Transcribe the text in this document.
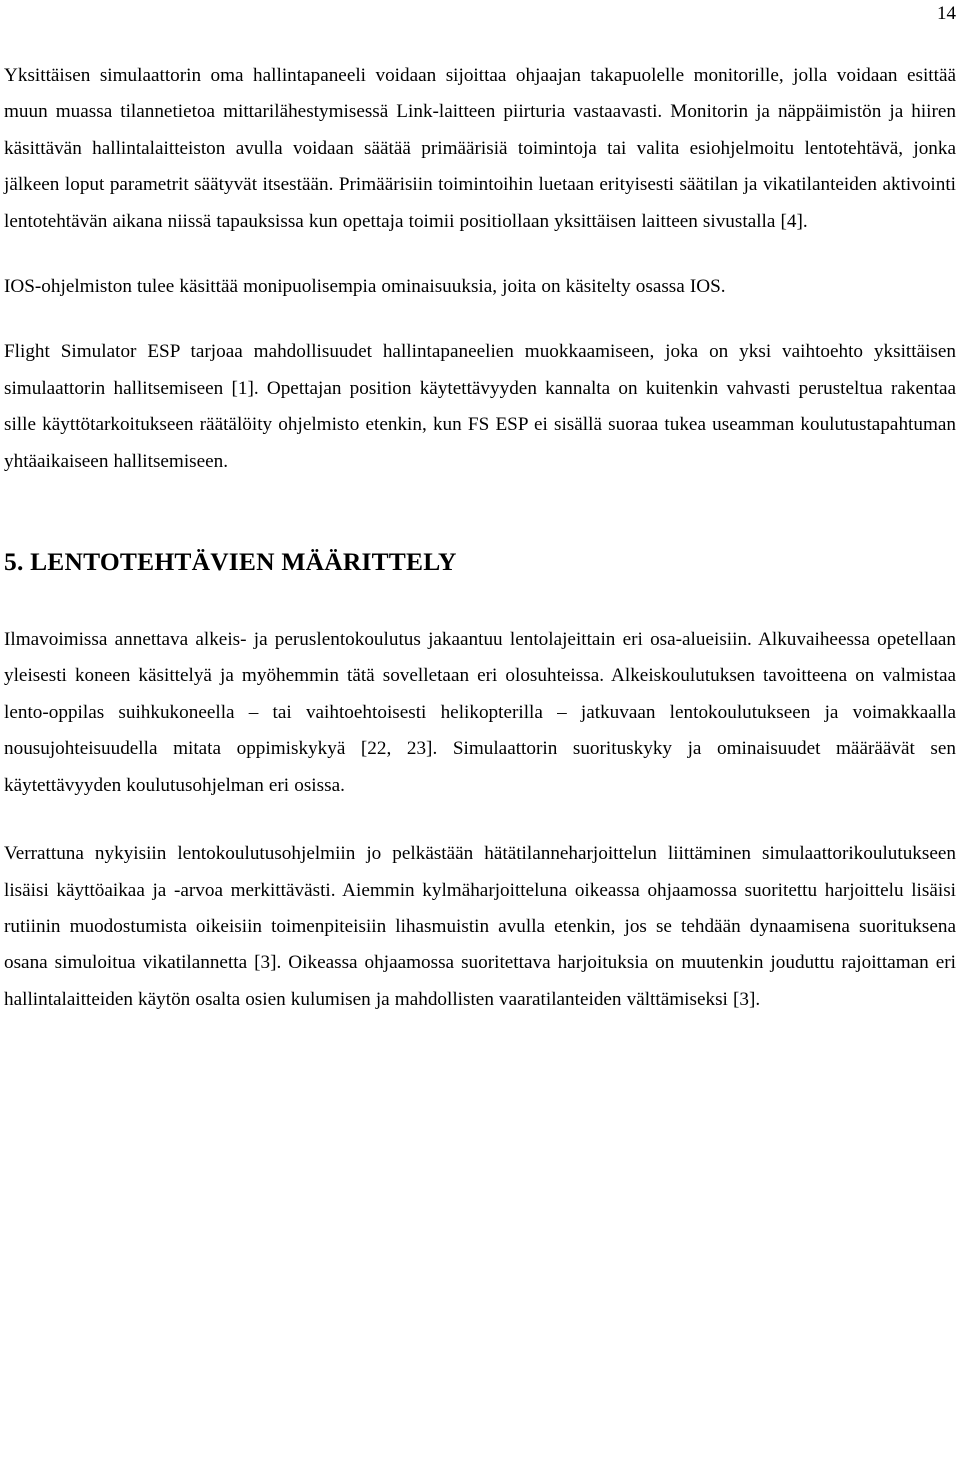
14

Yksittäisen simulaattorin oma hallintapaneeli voidaan sijoittaa ohjaajan takapuolelle monitorille, jolla voidaan esittää muun muassa tilannetietoa mittarilähestymisessä Link-laitteen piirturia vastaavasti. Monitorin ja näppäimistön ja hiiren käsittävän hallintalaitteiston avulla voidaan säätää primäärisiä toimintoja tai valita esiohjelmoitu lentotehtävä, jonka jälkeen loput parametrit säätyvät itsestään. Primäärisiin toimintoihin luetaan erityisesti säätilan ja vikatilanteiden aktivointi lentotehtävän aikana niissä tapauksissa kun opettaja toimii positiollaan yksittäisen laitteen sivustalla [4].

IOS-ohjelmiston tulee käsittää monipuolisempia ominaisuuksia, joita on käsitelty osassa IOS.

Flight Simulator ESP tarjoaa mahdollisuudet hallintapaneelien muokkaamiseen, joka on yksi vaihtoehto yksittäisen simulaattorin hallitsemiseen [1]. Opettajan position käytettävyyden kannalta on kuitenkin vahvasti perusteltua rakentaa sille käyttötarkoitukseen räätälöity ohjelmisto etenkin, kun FS ESP ei sisällä suoraa tukea useamman koulutustapahtuman yhtäaikaiseen hallitsemiseen.

5. LENTOTEHTÄVIEN MÄÄRITTELY

Ilmavoimissa annettava alkeis- ja peruslentokoulutus jakaantuu lentolajeittain eri osa-alueisiin. Alkuvaiheessa opetellaan yleisesti koneen käsittelyä ja myöhemmin tätä sovelletaan eri olosuhteissa. Alkeiskoulutuksen tavoitteena on valmistaa lento-oppilas suihkukoneella – tai vaihtoehtoisesti helikopterilla – jatkuvaan lentokoulutukseen ja voimakkaalla nousujohteisuudella mitata oppimiskykyä [22, 23]. Simulaattorin suorituskyky ja ominaisuudet määräävät sen käytettävyyden koulutusohjelman eri osissa.

Verrattuna nykyisiin lentokoulutusohjelmiin jo pelkästään hätätilanneharjoittelun liittäminen simulaattorikoulutukseen lisäisi käyttöaikaa ja -arvoa merkittävästi. Aiemmin kylmäharjoitteluna oikeassa ohjaamossa suoritettu harjoittelu lisäisi rutiinin muodostumista oikeisiin toimenpiteisiin lihasmuistin avulla etenkin, jos se tehdään dynaamisena suorituksena osana simuloitua vikatilannetta [3]. Oikeassa ohjaamossa suoritettava harjoituksia on muutenkin jouduttu rajoittaman eri hallintalaitteiden käytön osalta osien kulumisen ja mahdollisten vaaratilanteiden välttämiseksi [3].
